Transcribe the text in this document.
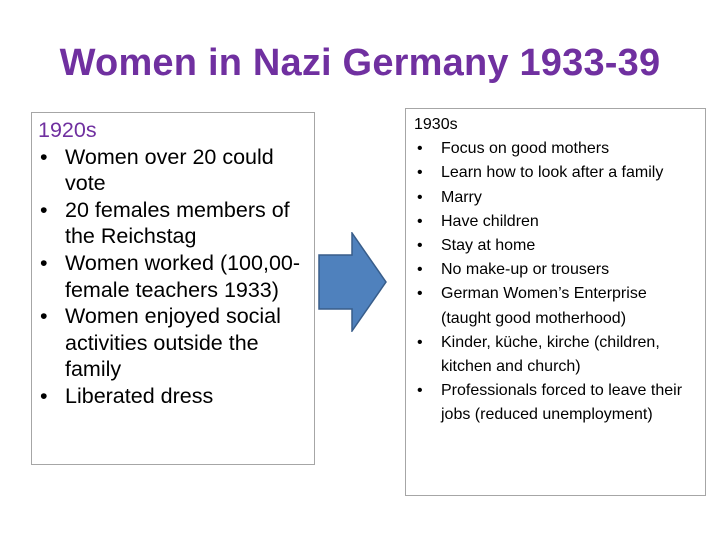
Women in Nazi Germany 1933-39
1920s
• Women over 20 could vote
• 20 females members of the Reichstag
• Women worked (100,00- female teachers 1933)
• Women enjoyed social activities outside the family
• Liberated dress
1930s
• Focus on good mothers
• Learn how to look after a family
• Marry
• Have children
• Stay at home
• No make-up or trousers
• German Women’s Enterprise (taught good motherhood)
• Kinder, küche, kirche (children, kitchen and church)
• Professionals forced to leave their jobs (reduced unemployment)
